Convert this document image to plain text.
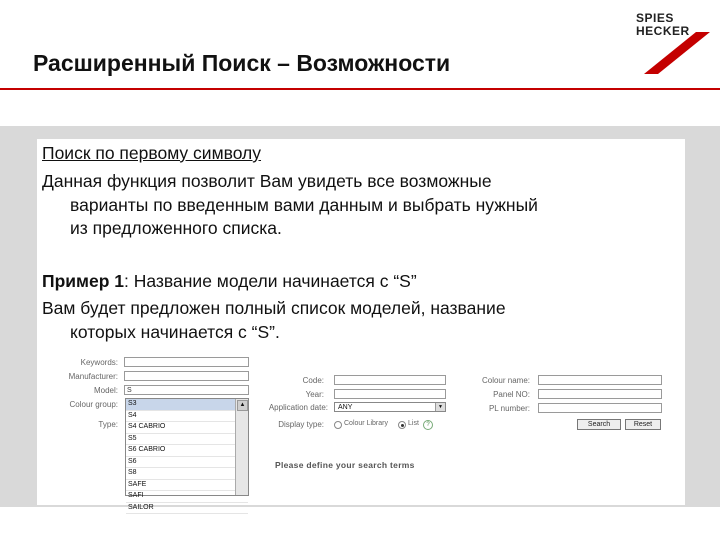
Расширенный Поиск – Возможности
SPIES
HECKER
Поиск по первому символу
Данная функция позволит Вам увидеть все возможные
варианты по введенным вами данным и выбрать нужный
из предложенного списка.
Пример 1: Название модели начинается с “S”
Вам будет предложен полный список моделей, название
которых начинается с “S”.
Keywords:
Manufacturer:
Model:	S
Colour group:
Type:
S3
S4
S4 CABRIO
S5
S6 CABRIO
S6
S8
SAFE
SAFI
SAILOR
▲
Code:
Year:
Application date:	ANY	▼
Display type:	Colour Library	List	?
Colour name:
Panel NO:
PL number:
Search	Reset
Please define your search terms
